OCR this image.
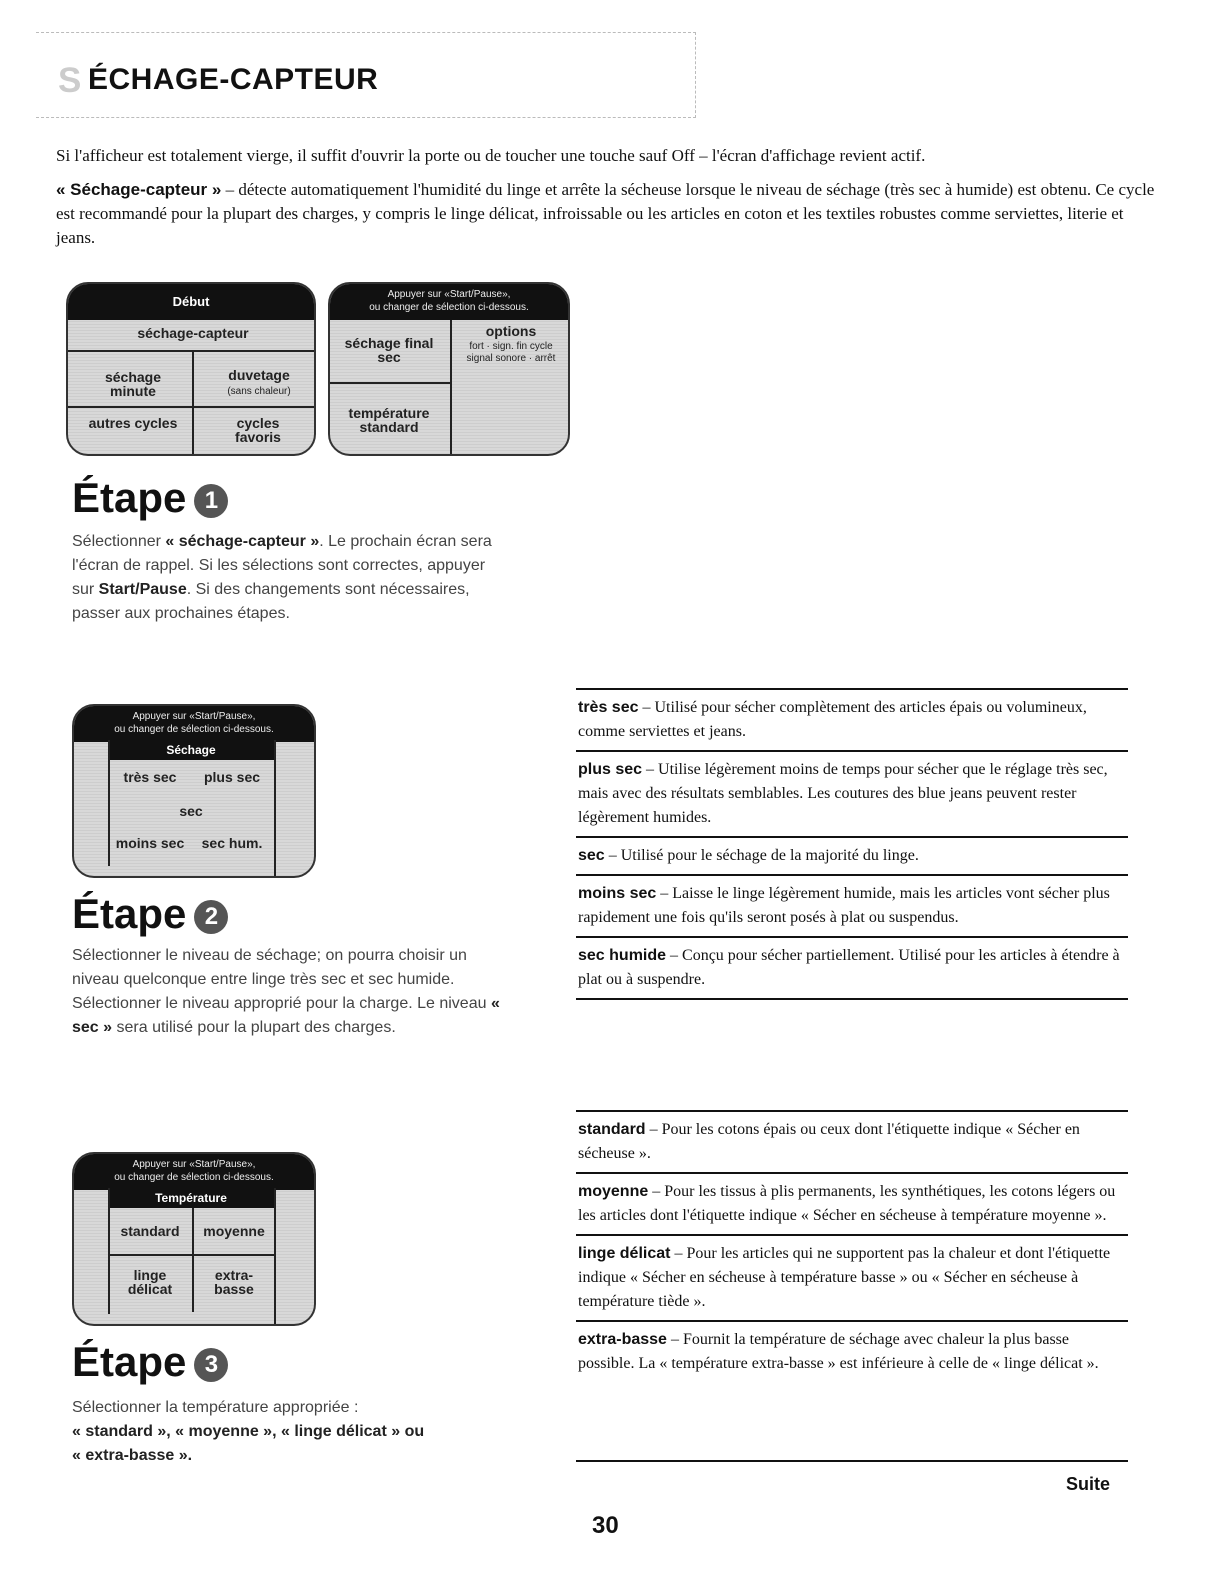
S ÉCHAGE-CAPTEUR
Si l'afficheur est totalement vierge, il suffit d'ouvrir la porte ou de toucher une touche sauf Off – l'écran d'affichage revient actif.
« Séchage-capteur » – détecte automatiquement l'humidité du linge et arrête la sécheuse lorsque le niveau de séchage (très sec à humide) est obtenu. Ce cycle est recommandé pour la plupart des charges, y compris le linge délicat, infroissable ou les articles en coton et les textiles robustes comme serviettes, literie et jeans.
Début
séchage-capteur
séchage minute
duvetage
(sans chaleur)
autres cycles	cycles favoris
Appuyer sur «Start/Pause»,
ou changer de sélection ci-dessous.
séchage final
sec
température
standard
options
fort · sign. fin cycle
signal sonore · arrêt
Étape 1
Sélectionner « séchage-capteur ». Le prochain écran sera l'écran de rappel. Si les sélections sont correctes, appuyer sur Start/Pause. Si des changements sont nécessaires, passer aux prochaines étapes.
Appuyer sur «Start/Pause»,
ou changer de sélection ci-dessous.
Séchage
très sec	plus sec
sec
moins sec	sec hum.
Étape 2
Sélectionner le niveau de séchage; on pourra choisir un niveau quelconque entre linge très sec et sec humide. Sélectionner le niveau approprié pour la charge. Le niveau « sec » sera utilisé pour la plupart des charges.
Appuyer sur «Start/Pause»,
ou changer de sélection ci-dessous.
Température
standard	moyenne
linge délicat
extra-basse
Étape 3
Sélectionner la température appropriée :
« standard », « moyenne », « linge délicat » ou « extra-basse ».
très sec – Utilisé pour sécher complètement des articles épais ou volumineux, comme serviettes et jeans.
plus sec – Utilise légèrement moins de temps pour sécher que le réglage très sec, mais avec des résultats semblables. Les coutures des blue jeans peuvent rester légèrement humides.
sec – Utilisé pour le séchage de la majorité du linge.
moins sec – Laisse le linge légèrement humide, mais les articles vont sécher plus rapidement une fois qu'ils seront posés à plat ou suspendus.
sec humide – Conçu pour sécher partiellement. Utilisé pour les articles à étendre à plat ou à suspendre.
standard – Pour les cotons épais ou ceux dont l'étiquette indique « Sécher en sécheuse ».
moyenne – Pour les tissus à plis permanents, les synthétiques, les cotons légers ou les articles dont l'étiquette indique « Sécher en sécheuse à température moyenne ».
linge délicat – Pour les articles qui ne supportent pas la chaleur et dont l'étiquette indique « Sécher en sécheuse à température basse » ou « Sécher en sécheuse à température tiède ».
extra-basse – Fournit la température de séchage avec chaleur la plus basse possible. La « température extra-basse » est inférieure à celle de « linge délicat ».
Suite
30
